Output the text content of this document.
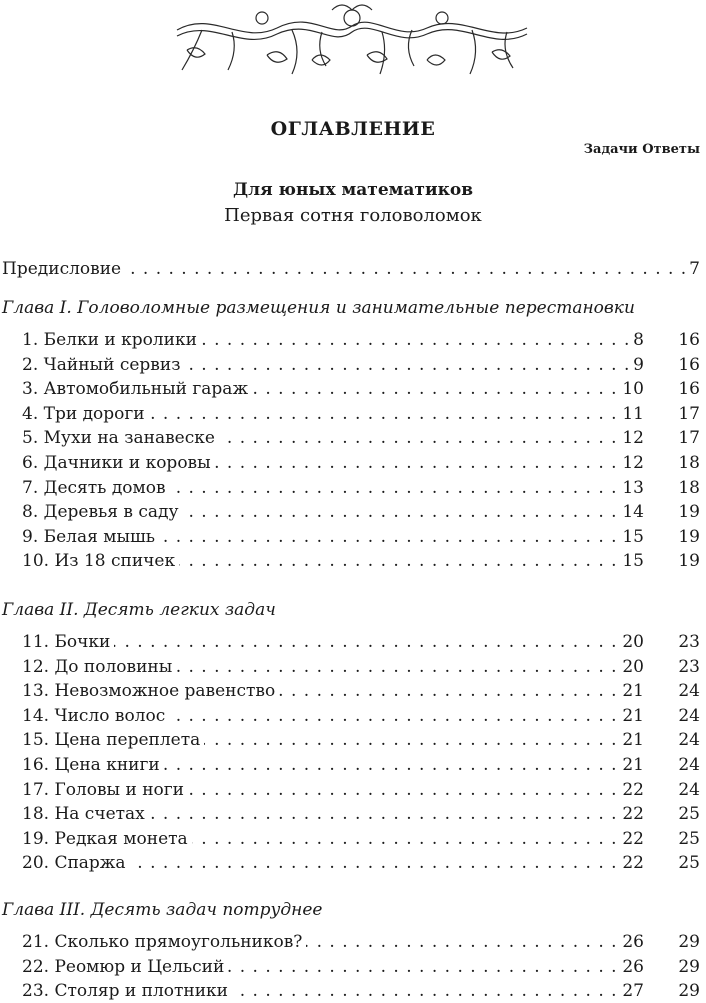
ОГЛАВЛЕНИЕ
Задачи Ответы
Для юных математиков
Первая сотня головоломок
Предисловие . . .	7
Глава I. Головоломные размещения и занимательные перестановки
1. Белки и кролики . . .	8 16
2. Чайный сервиз . . .	9 16
3. Автомобильный гараж . . .	10 16
4. Три дороги . . .	11 17
5. Мухи на занавеске . . .	12 17
6. Дачники и коровы . . .	12 18
7. Десять домов . . .	13 18
8. Деревья в саду . . .	14 19
9. Белая мышь . . .	15 19
10. Из 18 спичек . . .	15 19
Глава II. Десять легких задач
11. Бочки . . .	20 23
12. До половины . . .	20 23
13. Невозможное равенство . . .	21 24
14. Число волос . . .	21 24
15. Цена переплета . . .	21 24
16. Цена книги . . .	21 24
17. Головы и ноги . . .	22 24
18. На счетах . . .	22 25
19. Редкая монета . . .	22 25
20. Спаржа . . .	22 25
Глава III. Десять задач потруднее
21. Сколько прямоугольников? . . .	26 29
22. Реомюр и Цельсий . . .	26 29
23. Столяр и плотники . . .	27 29
